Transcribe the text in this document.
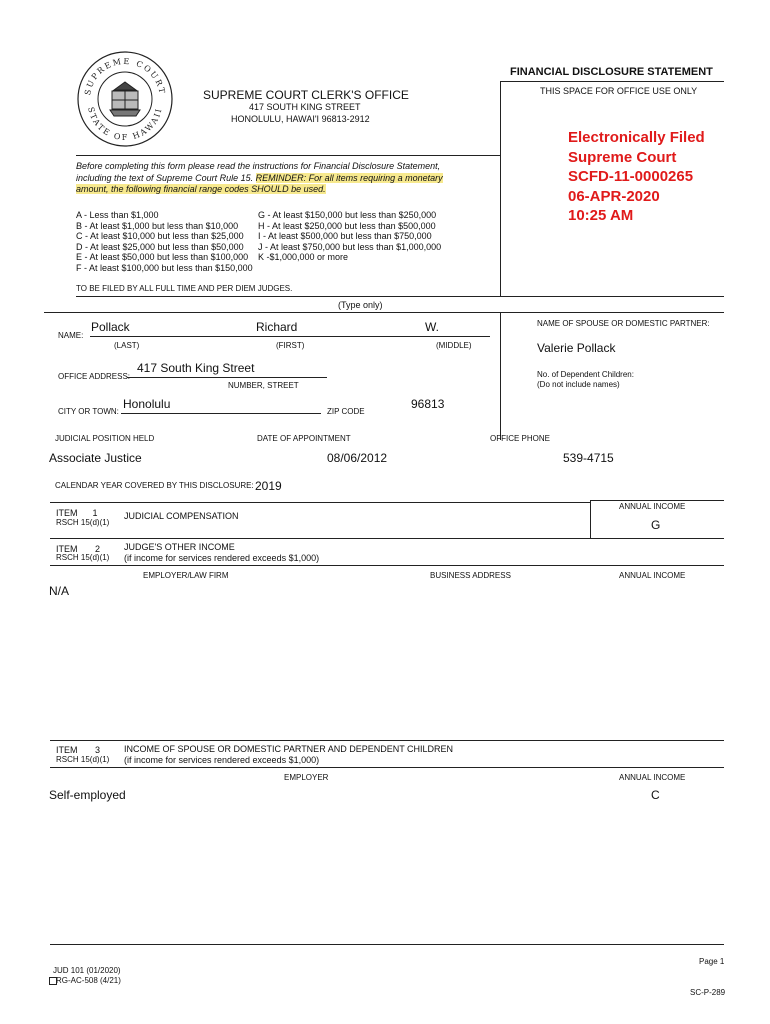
SUPREME COURT
STATE OF HAWAII
FINANCIAL DISCLOSURE STATEMENT
THIS SPACE FOR OFFICE USE ONLY
SUPREME COURT CLERK'S OFFICE
417 SOUTH KING STREET
HONOLULU, HAWAI'I 96813-2912
Electronically Filed
Supreme Court
SCFD-11-0000265
06-APR-2020
10:25 AM
Before completing this form please read the instructions for Financial Disclosure Statement,
including the text of Supreme Court Rule 15. REMINDER: For all items requiring a monetary
amount, the following financial range codes SHOULD be used.
A - Less than $1,000
B - At least $1,000 but less than $10,000
C - At least $10,000 but less than $25,000
D - At least $25,000 but less than $50,000
E - At least $50,000 but less than $100,000
F - At least $100,000 but less than $150,000
G - At least $150,000 but less than $250,000
H - At least $250,000 but less than $500,000
I - At least $500,000 but less than $750,000
J - At least $750,000 but less than $1,000,000
K -$1,000,000 or more
TO BE FILED BY ALL FULL TIME AND PER DIEM JUDGES.
(Type only)
NAME:
Pollack	Richard	W.
(LAST)	(FIRST)	(MIDDLE)
NAME OF SPOUSE OR DOMESTIC PARTNER:
Valerie Pollack
No. of Dependent Children:
(Do not include names)
OFFICE ADDRESS:
417 South King Street
NUMBER, STREET
CITY OR TOWN:
Honolulu
ZIP CODE
96813
JUDICIAL POSITION HELD
Associate Justice
DATE OF APPOINTMENT
08/06/2012
OFFICE PHONE
539-4715
CALENDAR YEAR COVERED BY THIS DISCLOSURE: 2019
ITEM 1
RSCH 15(d)(1)
JUDICIAL COMPENSATION
ANNUAL INCOME
G
ITEM 2
RSCH 15(d)(1)
JUDGE'S OTHER INCOME
(if income for services rendered exceeds $1,000)
EMPLOYER/LAW FIRM	BUSINESS ADDRESS	ANNUAL INCOME
N/A
ITEM 3
RSCH 15(d)(1)
INCOME OF SPOUSE OR DOMESTIC PARTNER AND DEPENDENT CHILDREN
(if income for services rendered exceeds $1,000)
EMPLOYER	ANNUAL INCOME
Self-employed	C
Page 1
JUD 101 (01/2020)
RG-AC-508 (4/21)
SC-P-289
